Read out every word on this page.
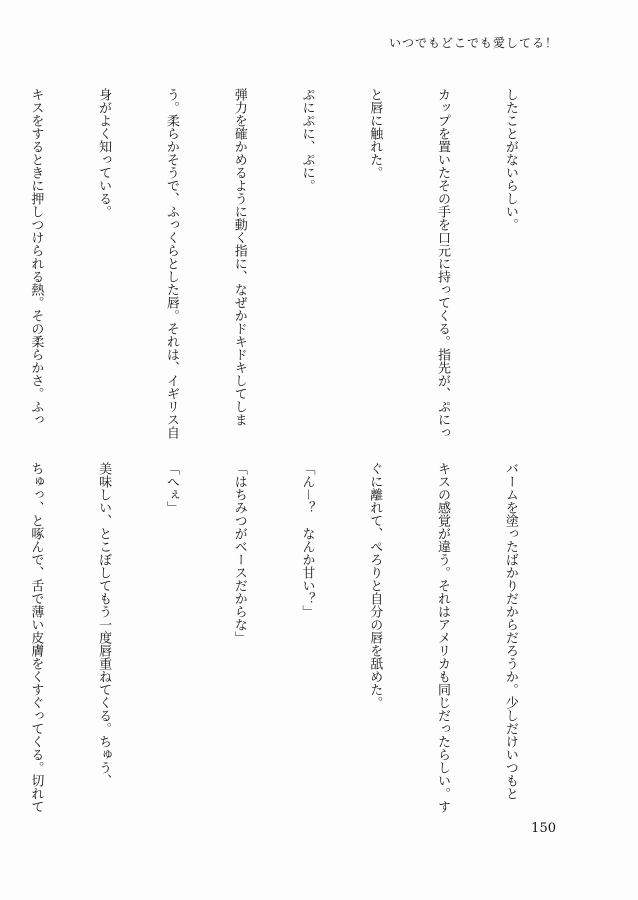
いつでもどこでも愛してる！

したことがないらしい。

カップを置いたその手を口元に持ってくる。指先が、ぷにっ

と唇に触れた。

ぷにぷに、ぷに。

弾力を確かめるように動く指に、なぜかドキドキしてしま

う。柔らかそうで、ふっくらとした唇。それは、イギリス自

身がよく知っている。

キスをするときに押しつけられる熱。その柔らかさ。ふっ

バームを塗ったばかりだからだろうか。少しだけいつもと

キスの感覚が違う。それはアメリカも同じだったらしい。す

ぐに離れて、ぺろりと自分の唇を舐めた。

「ん－？　なんか甘い？」

「はちみつがベースだからな」

「へぇ」

美味しい、とこぼしてもう一度唇重ねてくる。ちゅう、

ちゅっ、と啄んで、舌で薄い皮膚をくすぐってくる。切れて

150
